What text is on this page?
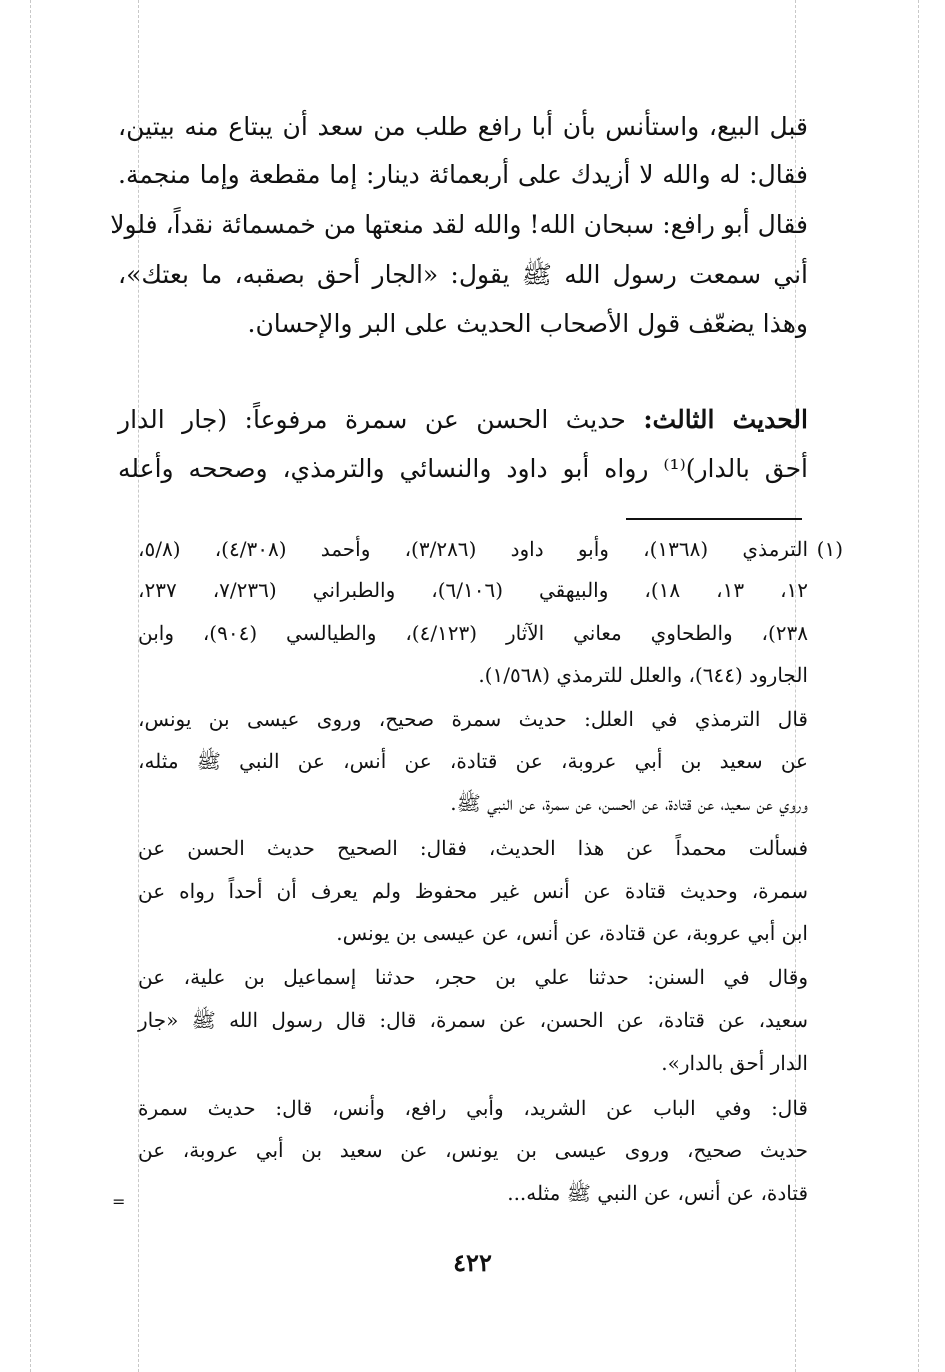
قبل البيع، واستأنس بأن أبا رافع طلب من سعد أن يبتاع منه بيتين،
فقال: له والله لا أزيدك على أربعمائة دينار: إما مقطعة وإما منجمة.
فقال أبو رافع: سبحان الله! والله لقد منعتها من خمسمائة نقداً، فلولا
أني سمعت رسول الله ﷺ يقول: «الجار أحق بصقبه، ما بعتك»،
وهذا يضعّف قول الأصحاب الحديث على البر والإحسان.
الحديث الثالث: حديث الحسن عن سمرة مرفوعاً: (جار الدار
أحق بالدار)⁽¹⁾ رواه أبو داود والنسائي والترمذي، وصححه وأعله
(١)
الترمذي (١٣٦٨)، وأبو داود (٣/٢٨٦)، وأحمد (٤/٣٠٨)، (٥/٨،
١٢، ١٣، ١٨)، والبيهقي (٦/١٠٦)، والطبراني (٧/٢٣٦، ٢٣٧،
٢٣٨)، والطحاوي معاني الآثار (٤/١٢٣)، والطيالسي (٩٠٤)، وابن
الجارود (٦٤٤)، والعلل للترمذي (١/٥٦٨).
قال الترمذي في العلل: حديث سمرة صحيح، وروى عيسى بن يونس،
عن سعيد بن أبي عروبة، عن قتادة، عن أنس، عن النبي ﷺ مثله،
وروي عن سعيد، عن قتادة، عن الحسن، عن سمرة، عن النبي ﷺ.
فسألت محمداً عن هذا الحديث، فقال: الصحيح حديث الحسن عن
سمرة، وحديث قتادة عن أنس غير محفوظ ولم يعرف أن أحداً رواه عن
ابن أبي عروبة، عن قتادة، عن أنس، عن عيسى بن يونس.
وقال في السنن: حدثنا علي بن حجر، حدثنا إسماعيل بن علية، عن
سعيد، عن قتادة، عن الحسن، عن سمرة، قال: قال رسول الله ﷺ «جار
الدار أحق بالدار».
قال: وفي الباب عن الشريد، وأبي رافع، وأنس، قال: حديث سمرة
حديث صحيح، وروى عيسى بن يونس، عن سعيد بن أبي عروبة، عن
قتادة، عن أنس، عن النبي ﷺ مثله...
=
٤٢٢
